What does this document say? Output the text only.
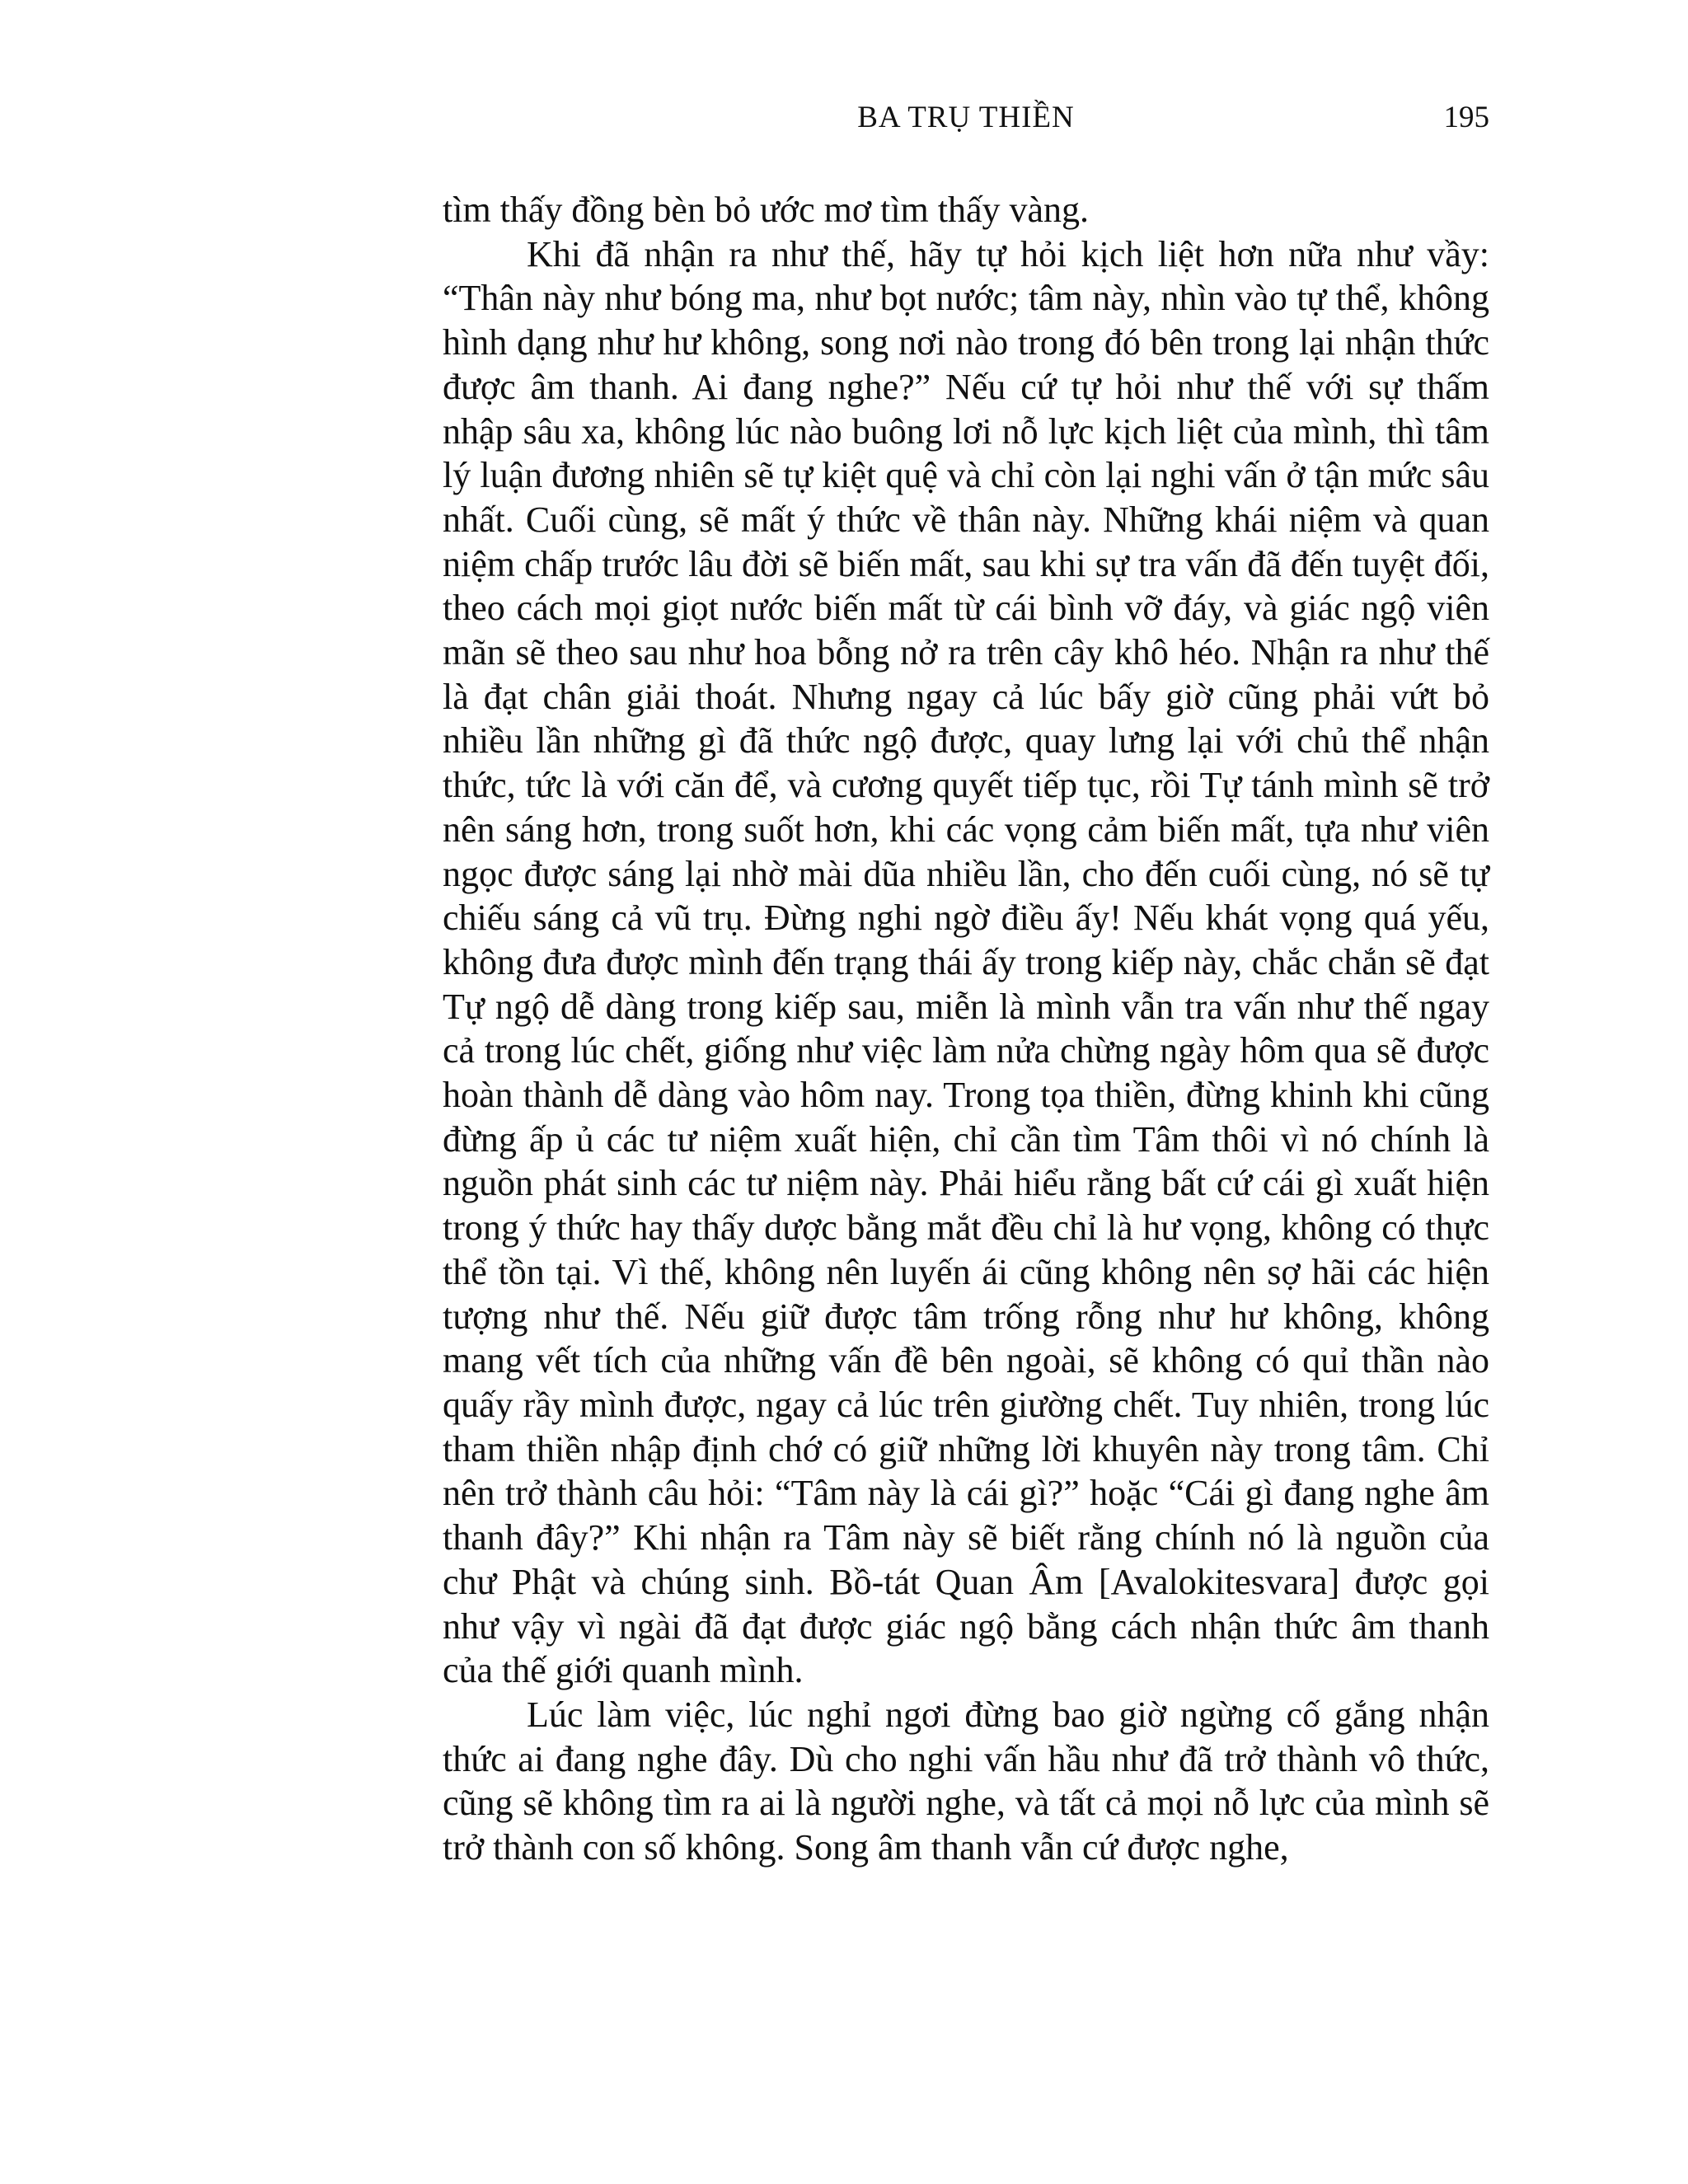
BA TRỤ THIỀN	195

tìm thấy đồng bèn bỏ ước mơ tìm thấy vàng.

Khi đã nhận ra như thế, hãy tự hỏi kịch liệt hơn nữa như vầy: “Thân này như bóng ma, như bọt nước; tâm này, nhìn vào tự thể, không hình dạng như hư không, song nơi nào trong đó bên trong lại nhận thức được âm thanh. Ai đang nghe?” Nếu cứ tự hỏi như thế với sự thấm nhập sâu xa, không lúc nào buông lơi nỗ lực kịch liệt của mình, thì tâm lý luận đương nhiên sẽ tự kiệt quệ và chỉ còn lại nghi vấn ở tận mức sâu nhất. Cuối cùng, sẽ mất ý thức về thân này. Những khái niệm và quan niệm chấp trước lâu đời sẽ biến mất, sau khi sự tra vấn đã đến tuyệt đối, theo cách mọi giọt nước biến mất từ cái bình vỡ đáy, và giác ngộ viên mãn sẽ theo sau như hoa bỗng nở ra trên cây khô héo. Nhận ra như thế là đạt chân giải thoát. Nhưng ngay cả lúc bấy giờ cũng phải vứt bỏ nhiều lần những gì đã thức ngộ được, quay lưng lại với chủ thể nhận thức, tức là với căn để, và cương quyết tiếp tục, rồi Tự tánh mình sẽ trở nên sáng hơn, trong suốt hơn, khi các vọng cảm biến mất, tựa như viên ngọc được sáng lại nhờ mài dũa nhiều lần, cho đến cuối cùng, nó sẽ tự chiếu sáng cả vũ trụ. Đừng nghi ngờ điều ấy! Nếu khát vọng quá yếu, không đưa được mình đến trạng thái ấy trong kiếp này, chắc chắn sẽ đạt Tự ngộ dễ dàng trong kiếp sau, miễn là mình vẫn tra vấn như thế ngay cả trong lúc chết, giống như việc làm nửa chừng ngày hôm qua sẽ được hoàn thành dễ dàng vào hôm nay. Trong tọa thiền, đừng khinh khi cũng đừng ấp ủ các tư niệm xuất hiện, chỉ cần tìm Tâm thôi vì nó chính là nguồn phát sinh các tư niệm này. Phải hiểu rằng bất cứ cái gì xuất hiện trong ý thức hay thấy dược bằng mắt đều chỉ là hư vọng, không có thực thể tồn tại. Vì thế, không nên luyến ái cũng không nên sợ hãi các hiện tượng như thế. Nếu giữ được tâm trống rỗng như hư không, không mang vết tích của những vấn đề bên ngoài, sẽ không có quỉ thần nào quấy rầy mình được, ngay cả lúc trên giường chết. Tuy nhiên, trong lúc tham thiền nhập định chớ có giữ những lời khuyên này trong tâm. Chỉ nên trở thành câu hỏi: “Tâm này là cái gì?” hoặc “Cái gì đang nghe âm thanh đây?” Khi nhận ra Tâm này sẽ biết rằng chính nó là nguồn của chư Phật và chúng sinh. Bồ-tát Quan Âm [Avalokitesvara] được gọi như vậy vì ngài đã đạt được giác ngộ bằng cách nhận thức âm thanh của thế giới quanh mình.

Lúc làm việc, lúc nghỉ ngơi đừng bao giờ ngừng cố gắng nhận thức ai đang nghe đây. Dù cho nghi vấn hầu như đã trở thành vô thức, cũng sẽ không tìm ra ai là người nghe, và tất cả mọi nỗ lực của mình sẽ trở thành con số không. Song âm thanh vẫn cứ được nghe,
